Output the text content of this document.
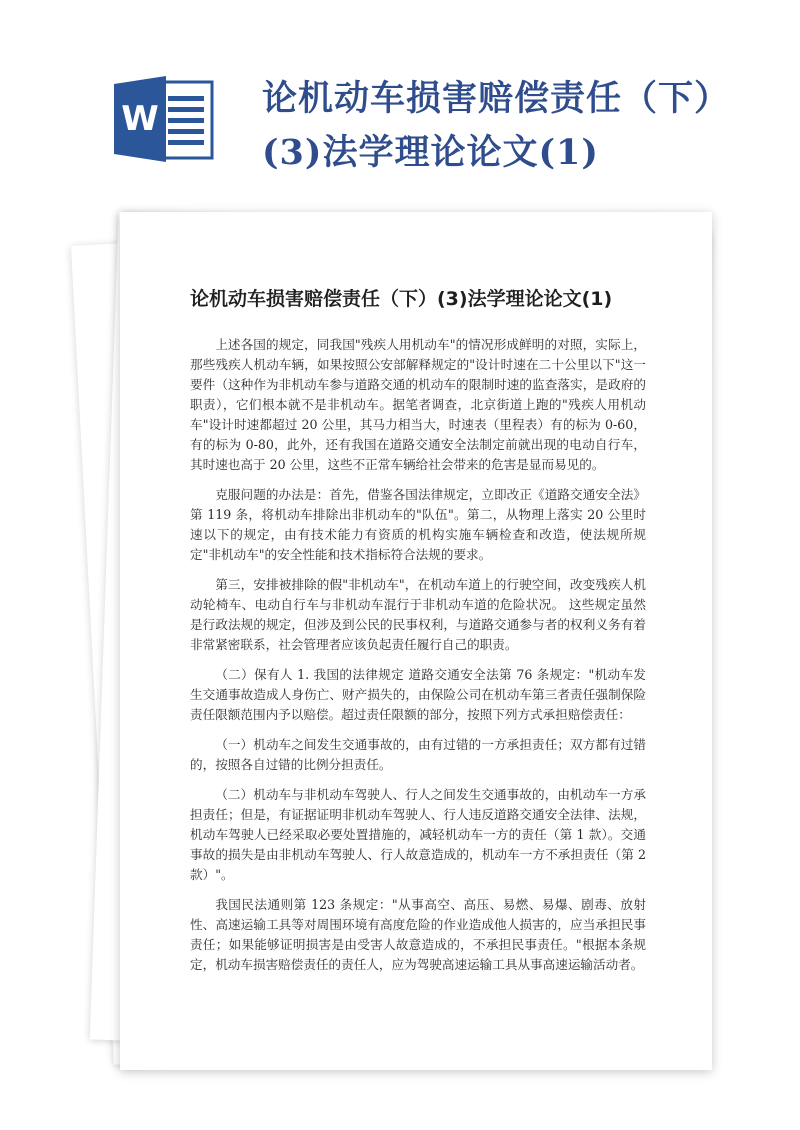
W	论机动车损害赔偿责任（下）
(3)法学理论论文(1)
论机动车损害赔偿责任（下）(3)法学理论论文(1)

上述各国的规定，同我国"残疾人用机动车"的情况形成鲜明的对照，实际上，那些残疾人机动车辆，如果按照公安部解释规定的"设计时速在二十公里以下"这一要件（这种作为非机动车参与道路交通的机动车的限制时速的监查落实，是政府的职责），它们根本就不是非机动车。据笔者调查，北京街道上跑的"残疾人用机动车"设计时速都超过 20 公里，其马力相当大，时速表（里程表）有的标为 0-60，有的标为 0-80，此外，还有我国在道路交通安全法制定前就出现的电动自行车，其时速也高于 20 公里，这些不正常车辆给社会带来的危害是显而易见的。

克服问题的办法是：首先，借鉴各国法律规定，立即改正《道路交通安全法》第 119 条，将机动车排除出非机动车的"队伍"。第二，从物理上落实 20 公里时速以下的规定，由有技术能力有资质的机构实施车辆检查和改造，使法规所规定"非机动车"的安全性能和技术指标符合法规的要求。

第三，安排被排除的假"非机动车"，在机动车道上的行驶空间，改变残疾人机动轮椅车、电动自行车与非机动车混行于非机动车道的危险状况。 这些规定虽然是行政法规的规定，但涉及到公民的民事权利，与道路交通参与者的权利义务有着非常紧密联系，社会管理者应该负起责任履行自己的职责。

（二）保有人 1. 我国的法律规定 道路交通安全法第 76 条规定："机动车发生交通事故造成人身伤亡、财产损失的，由保险公司在机动车第三者责任强制保险责任限额范围内予以赔偿。超过责任限额的部分，按照下列方式承担赔偿责任：

（一）机动车之间发生交通事故的，由有过错的一方承担责任；双方都有过错的，按照各自过错的比例分担责任。

（二）机动车与非机动车驾驶人、行人之间发生交通事故的，由机动车一方承担责任；但是，有证据证明非机动车驾驶人、行人违反道路交通安全法律、法规，机动车驾驶人已经采取必要处置措施的，减轻机动车一方的责任（第 1 款）。交通事故的损失是由非机动车驾驶人、行人故意造成的，机动车一方不承担责任（第 2 款）"。

我国民法通则第 123 条规定："从事高空、高压、易燃、易爆、剧毒、放射性、高速运输工具等对周围环境有高度危险的作业造成他人损害的，应当承担民事责任；如果能够证明损害是由受害人故意造成的，不承担民事责任。"根据本条规定，机动车损害赔偿责任的责任人，应为驾驶高速运输工具从事高速运输活动者。
